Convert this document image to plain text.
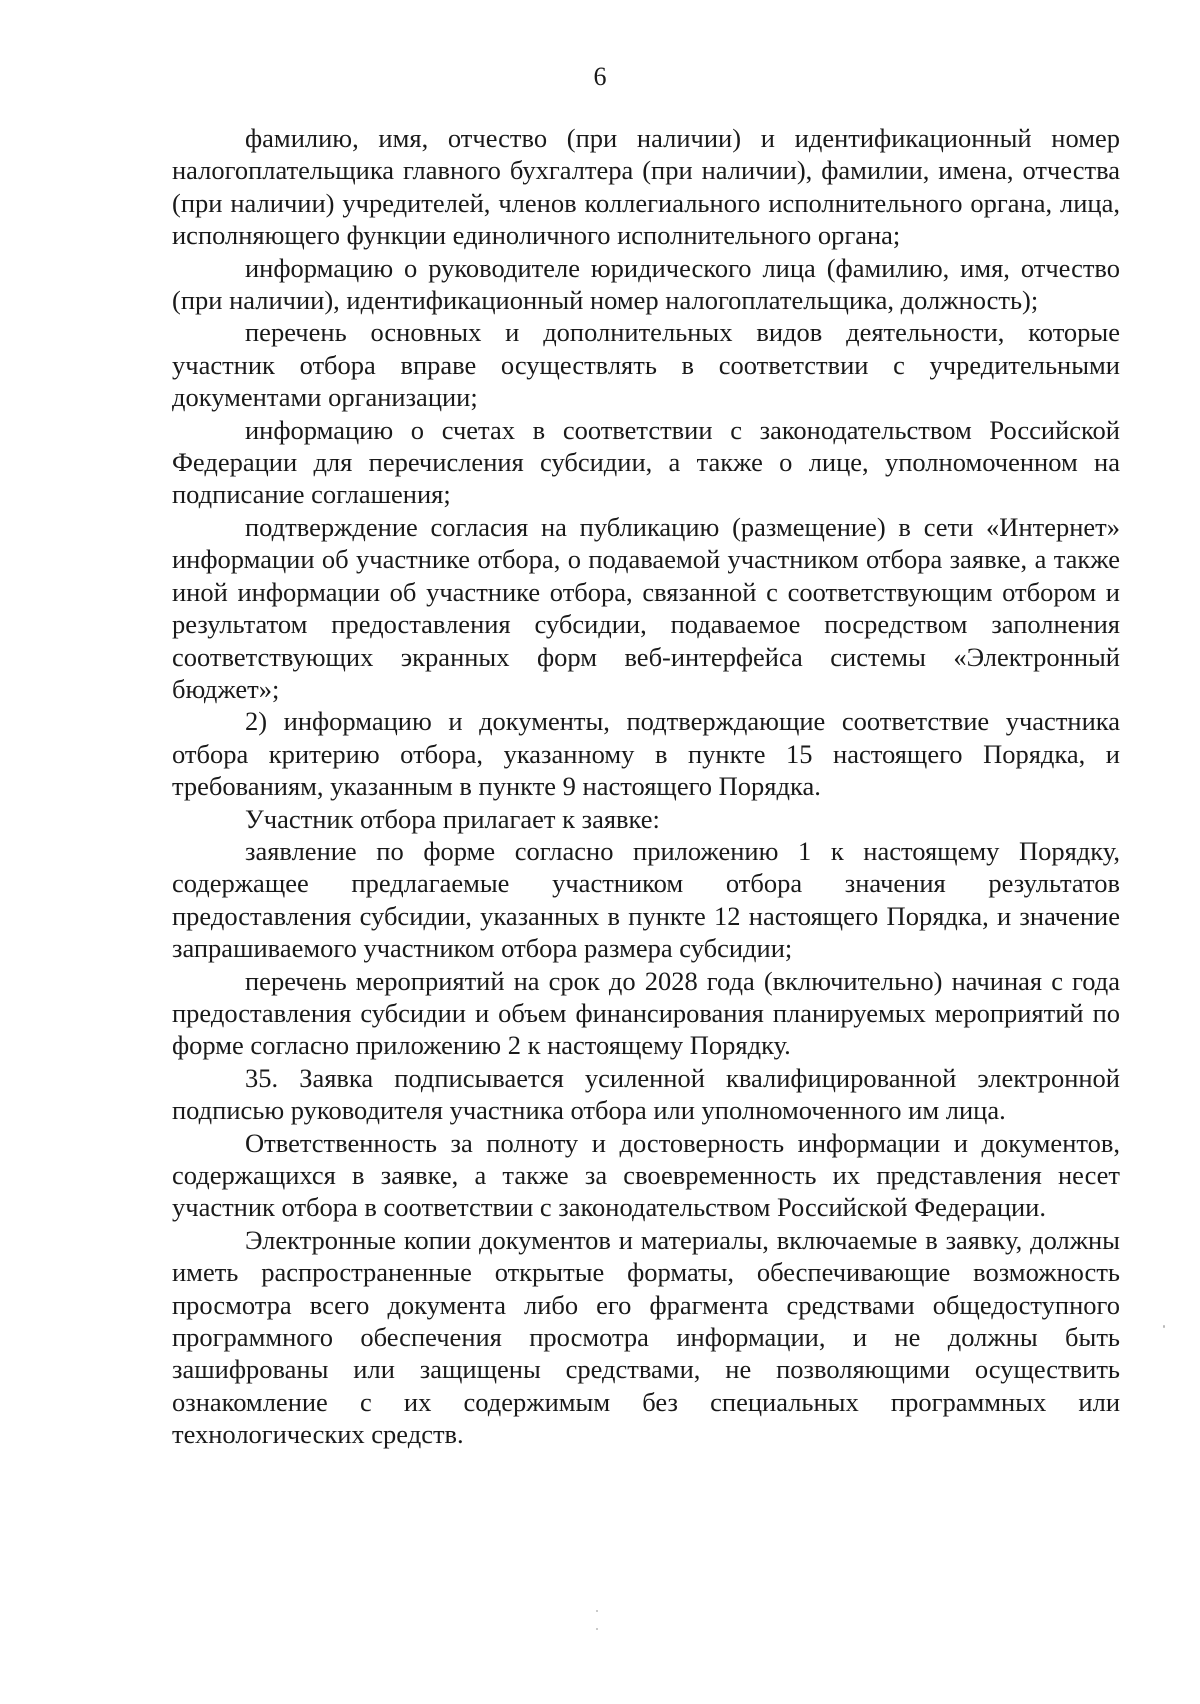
6

фамилию, имя, отчество (при наличии) и идентификационный номер налогоплательщика главного бухгалтера (при наличии), фамилии, имена, отчества (при наличии) учредителей, членов коллегиального исполнительного органа, лица, исполняющего функции единоличного исполнительного органа;

информацию о руководителе юридического лица (фамилию, имя, отчество (при наличии), идентификационный номер налогоплательщика, должность);

перечень основных и дополнительных видов деятельности, которые участник отбора вправе осуществлять в соответствии с учредительными документами организации;

информацию о счетах в соответствии с законодательством Российской Федерации для перечисления субсидии, а также о лице, уполномоченном на подписание соглашения;

подтверждение согласия на публикацию (размещение) в сети «Интернет» информации об участнике отбора, о подаваемой участником отбора заявке, а также иной информации об участнике отбора, связанной с соответствующим отбором и результатом предоставления субсидии, подаваемое посредством заполнения соответствующих экранных форм веб-интерфейса системы «Электронный бюджет»;

2) информацию и документы, подтверждающие соответствие участника отбора критерию отбора, указанному в пункте 15 настоящего Порядка, и требованиям, указанным в пункте 9 настоящего Порядка.

Участник отбора прилагает к заявке:

заявление по форме согласно приложению 1 к настоящему Порядку, содержащее предлагаемые участником отбора значения результатов предоставления субсидии, указанных в пункте 12 настоящего Порядка, и значение запрашиваемого участником отбора размера субсидии;

перечень мероприятий на срок до 2028 года (включительно) начиная с года предоставления субсидии и объем финансирования планируемых мероприятий по форме согласно приложению 2 к настоящему Порядку.

35. Заявка подписывается усиленной квалифицированной электронной подписью руководителя участника отбора или уполномоченного им лица.

Ответственность за полноту и достоверность информации и документов, содержащихся в заявке, а также за своевременность их представления несет участник отбора в соответствии с законодательством Российской Федерации.

Электронные копии документов и материалы, включаемые в заявку, должны иметь распространенные открытые форматы, обеспечивающие возможность просмотра всего документа либо его фрагмента средствами общедоступного программного обеспечения просмотра информации, и не должны быть зашифрованы или защищены средствами, не позволяющими осуществить ознакомление с их содержимым без специальных программных или технологических средств.
